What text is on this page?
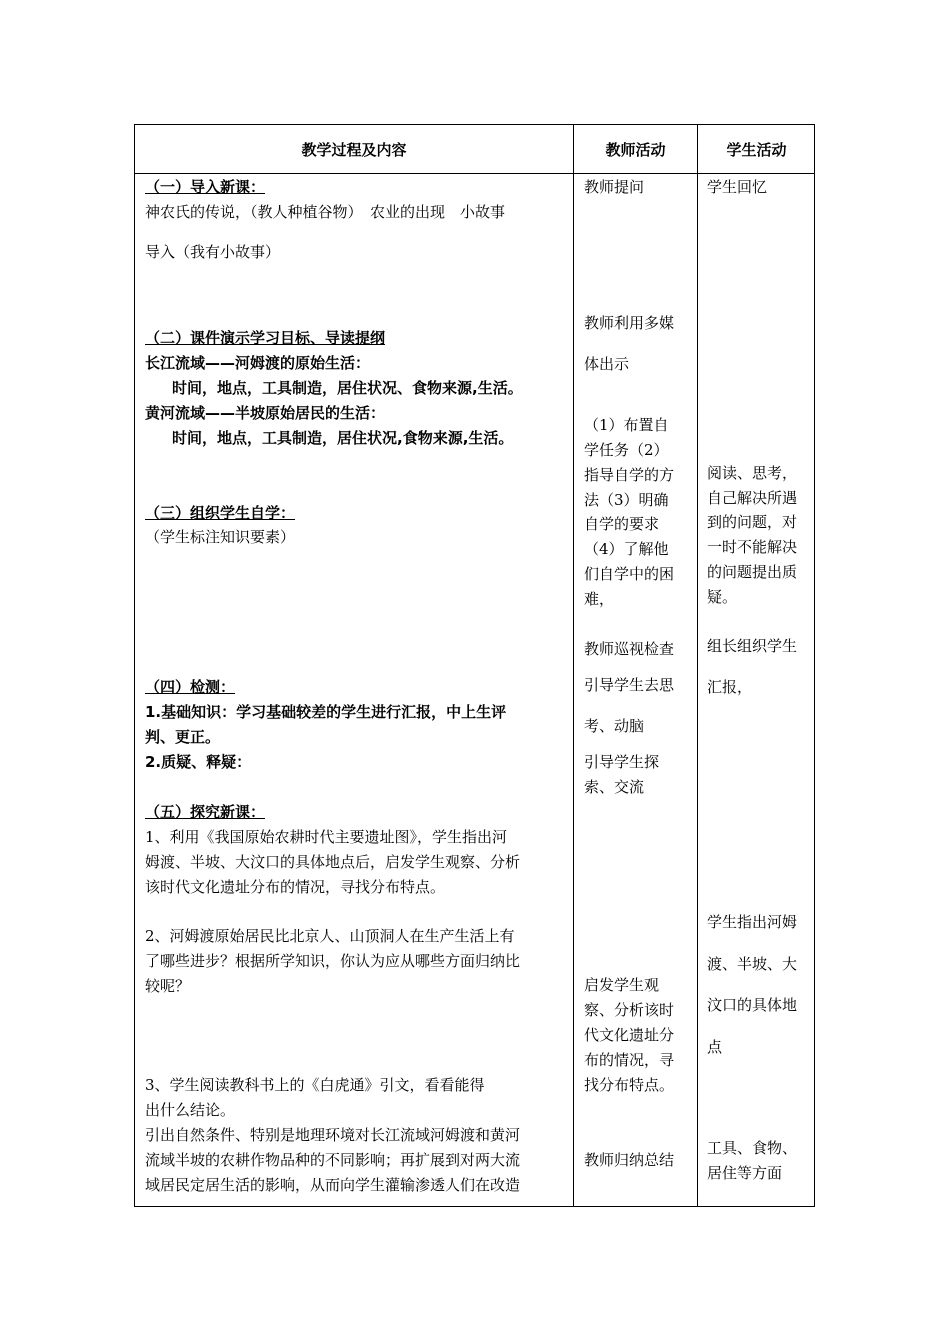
教学过程及内容	教师活动	学生活动
（一）导入新课：
神农氏的传说，（教人种植谷物）　农业的出现　小故事
导入（我有小故事）
（二）课件演示学习目标、导读提纲
长江流域——河姆渡的原始生活：
时间，地点，工具制造，居住状况、食物来源,生活。
黄河流域——半坡原始居民的生活：
时间，地点，工具制造，居住状况,食物来源,生活。
（三）组织学生自学：
（学生标注知识要素）
（四）检测：
1.基础知识：学习基础较差的学生进行汇报，中上生评
判、更正。
2.质疑、释疑：
（五）探究新课：
1、利用《我国原始农耕时代主要遗址图》，学生指出河
姆渡、半坡、大汶口的具体地点后，启发学生观察、分析
该时代文化遗址分布的情况，寻找分布特点。
2、河姆渡原始居民比北京人、山顶洞人在生产生活上有
了哪些进步？根据所学知识，你认为应从哪些方面归纳比
较呢？
3、学生阅读教科书上的《白虎通》引文，看看能得
出什么结论。
引出自然条件、特别是地理环境对长江流域河姆渡和黄河
流域半坡的农耕作物品种的不同影响；再扩展到对两大流
域居民定居生活的影响，从而向学生灌输渗透人们在改造
教师提问
教师利用多媒
体出示
（1）布置自
学任务（2）
指导自学的方
法（3）明确
自学的要求
（4）了解他
们自学中的困
难，
教师巡视检查
引导学生去思
考、动脑
引导学生探
索、交流
启发学生观
察、分析该时
代文化遗址分
布的情况，寻
找分布特点。
教师归纳总结
学生回忆
阅读、思考，
自己解决所遇
到的问题，对
一时不能解决
的问题提出质
疑。
组长组织学生
汇报，
学生指出河姆
渡、半坡、大
汶口的具体地
点
工具、食物、
居住等方面
